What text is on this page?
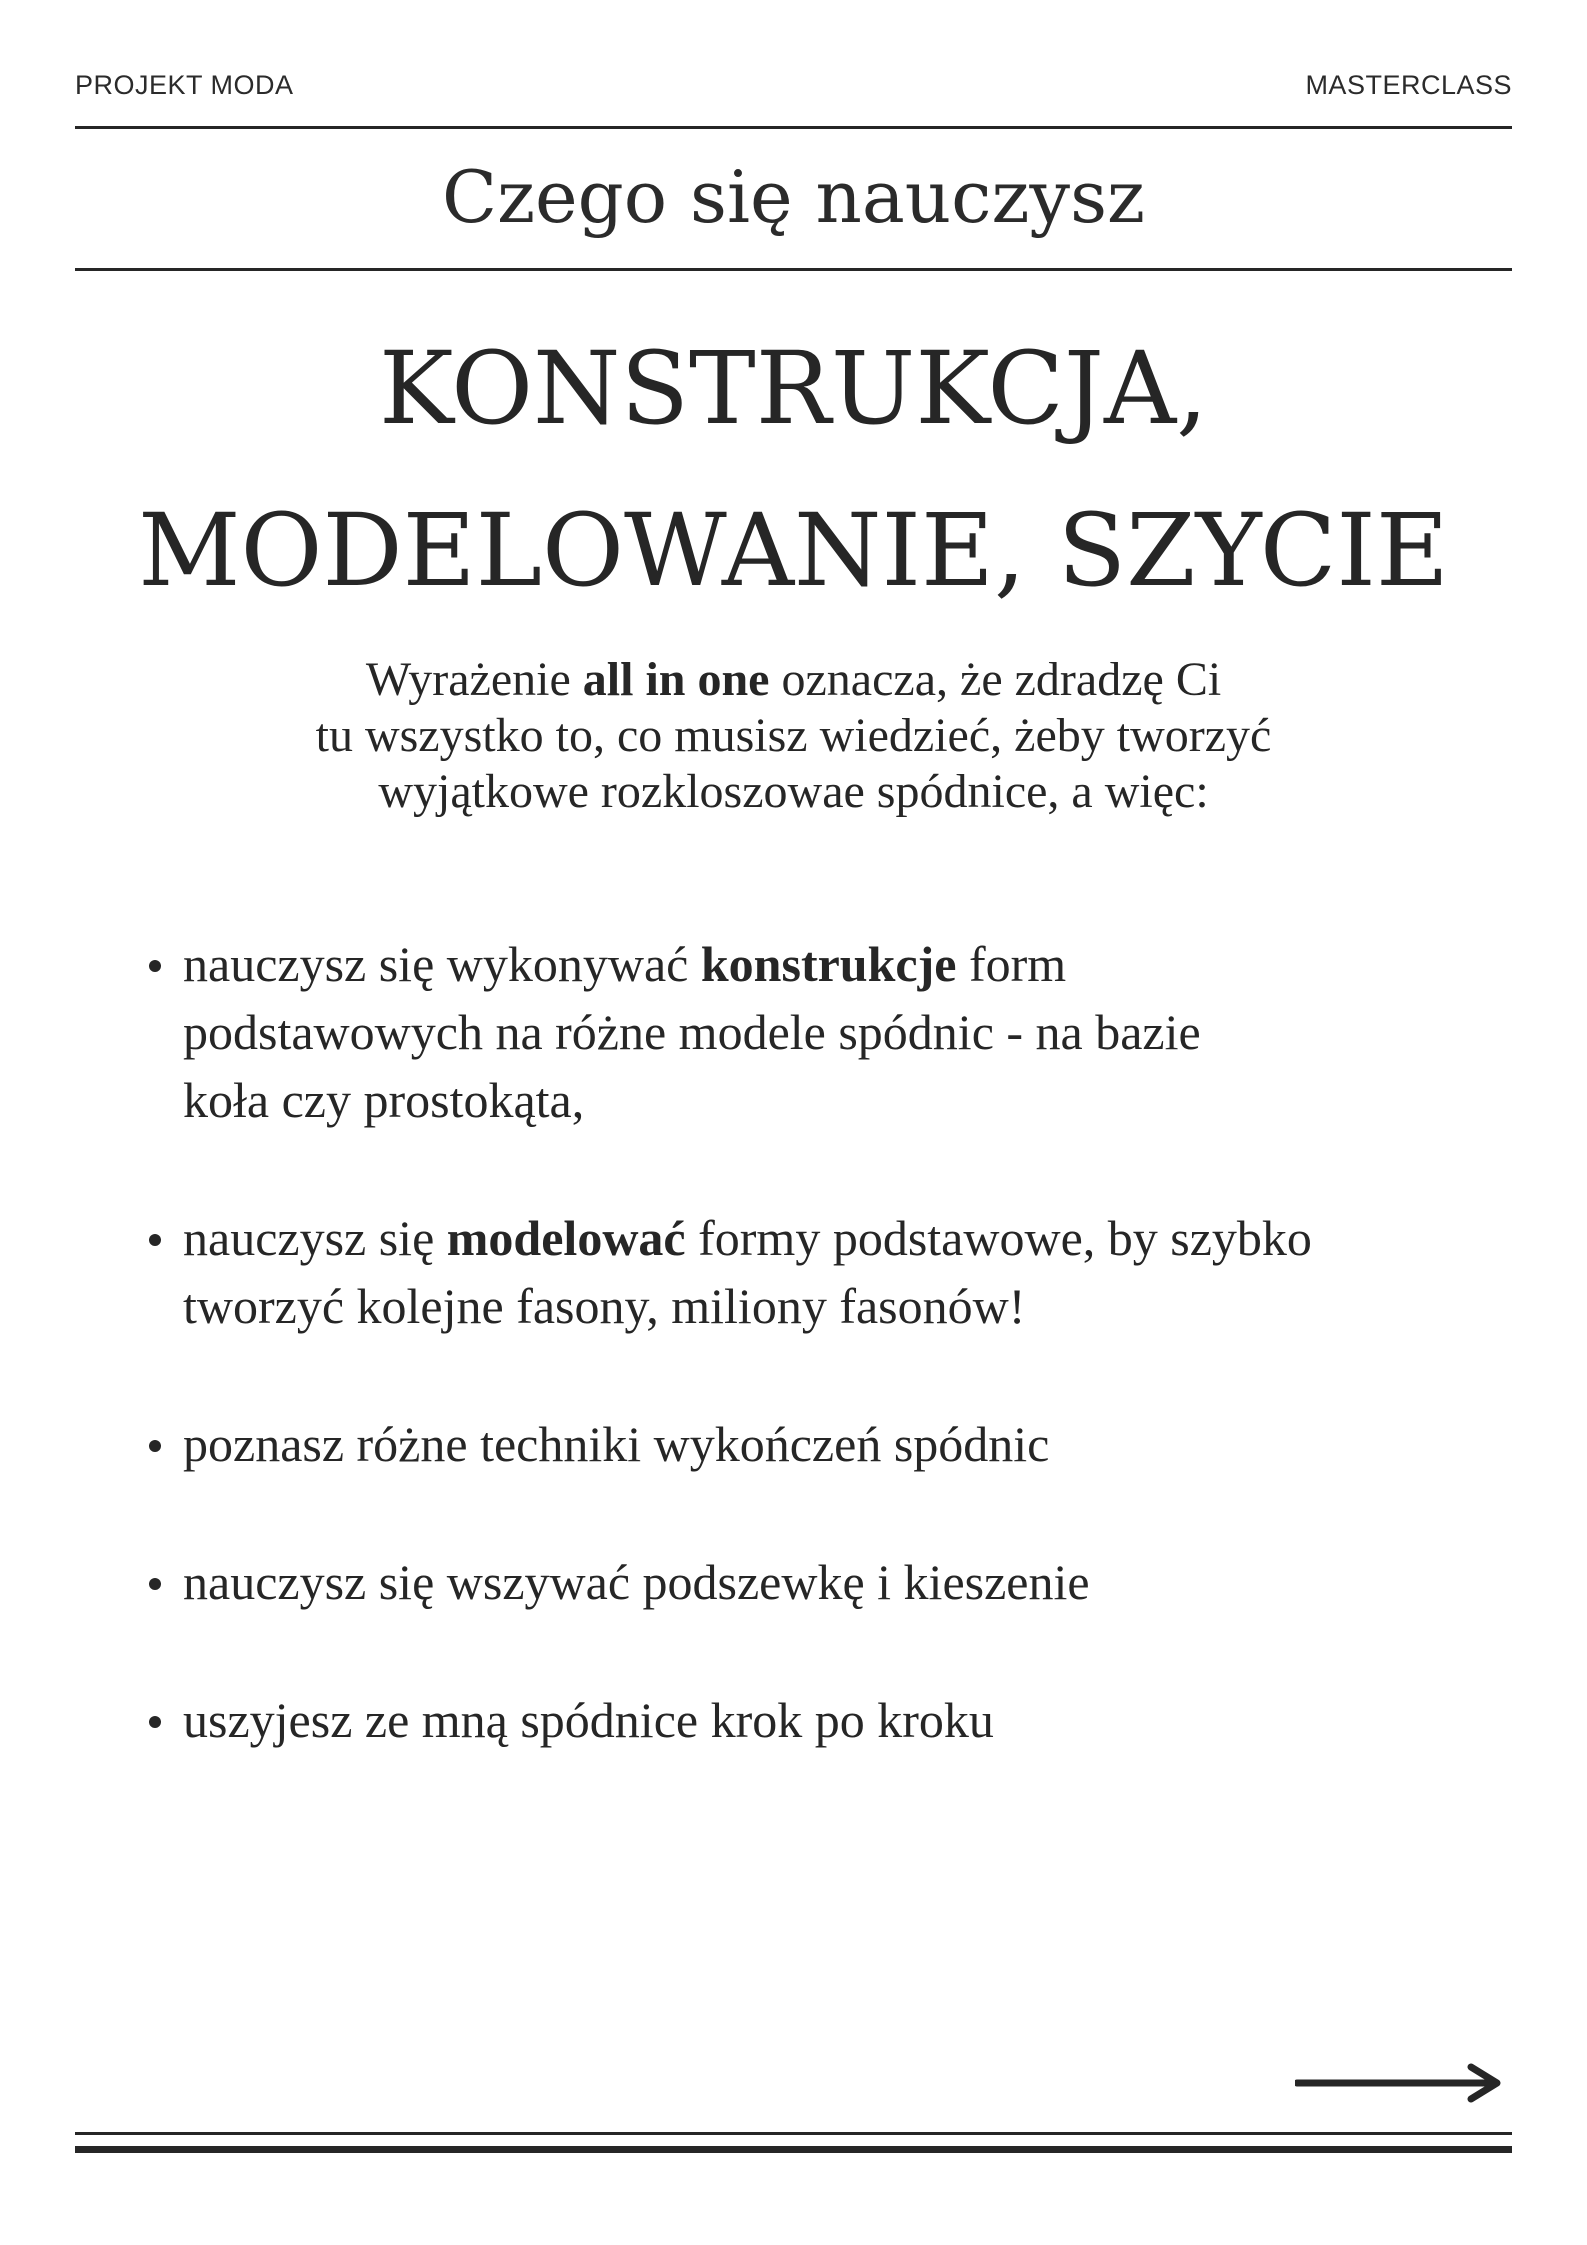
PROJEKT MODA	MASTERCLASS
Czego się nauczysz
KONSTRUKCJA,
MODELOWANIE, SZYCIE
Wyrażenie all in one oznacza, że zdradzę Ci
tu wszystko to, co musisz wiedzieć, żeby tworzyć
wyjątkowe rozkloszowae spódnice, a więc:
nauczysz się wykonywać konstrukcje form
podstawowych na różne modele spódnic - na bazie
koła czy prostokąta,
nauczysz się modelować formy podstawowe, by szybko
tworzyć kolejne fasony, miliony fasonów!
poznasz różne techniki wykończeń spódnic
nauczysz się wszywać podszewkę i kieszenie
uszyjesz ze mną spódnice krok po kroku
